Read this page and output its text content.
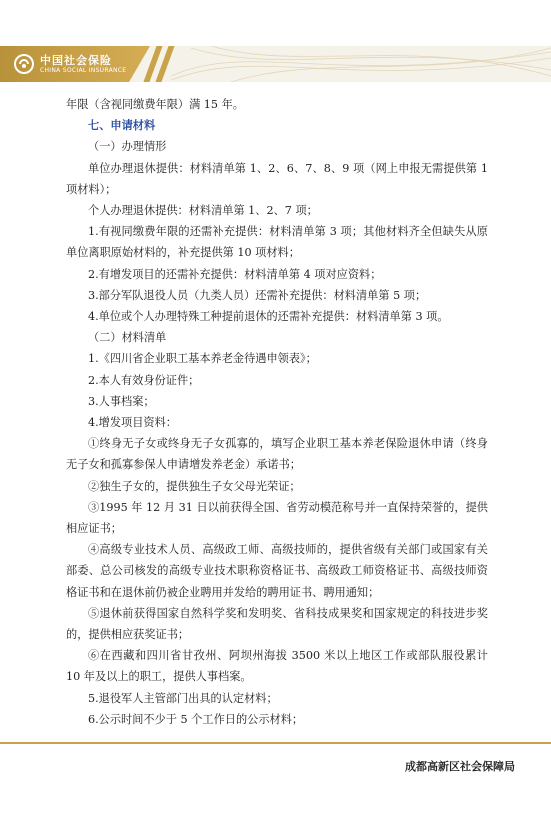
中国社会保险
CHINA SOCIAL INSURANCE

年限（含视同缴费年限）满 15 年。

七、申请材料

（一）办理情形

单位办理退休提供：材料清单第 1、2、6、7、8、9 项（网上申报无需提供第 1 项材料）；

个人办理退休提供：材料清单第 1、2、7 项；

1.有视同缴费年限的还需补充提供：材料清单第 3 项；其他材料齐全但缺失从原单位离职原始材料的，补充提供第 10 项材料；

2.有增发项目的还需补充提供：材料清单第 4 项对应资料；

3.部分军队退役人员（九类人员）还需补充提供：材料清单第 5 项；

4.单位或个人办理特殊工种提前退休的还需补充提供：材料清单第 3 项。

（二）材料清单

1.《四川省企业职工基本养老金待遇申领表》；

2.本人有效身份证件；

3.人事档案；

4.增发项目资料：

①终身无子女或终身无子女孤寡的，填写企业职工基本养老保险退休申请（终身无子女和孤寡参保人申请增发养老金）承诺书；

②独生子女的，提供独生子女父母光荣证；

③1995 年 12 月 31 日以前获得全国、省劳动模范称号并一直保持荣誉的，提供相应证书；

④高级专业技术人员、高级政工师、高级技师的，提供省级有关部门或国家有关部委、总公司核发的高级专业技术职称资格证书、高级政工师资格证书、高级技师资格证书和在退休前仍被企业聘用并发给的聘用证书、聘用通知；

⑤退休前获得国家自然科学奖和发明奖、省科技成果奖和国家规定的科技进步奖的，提供相应获奖证书；

⑥在西藏和四川省甘孜州、阿坝州海拔 3500 米以上地区工作或部队服役累计 10 年及以上的职工，提供人事档案。

5.退役军人主管部门出具的认定材料；

6.公示时间不少于 5 个工作日的公示材料；

成都高新区社会保障局
